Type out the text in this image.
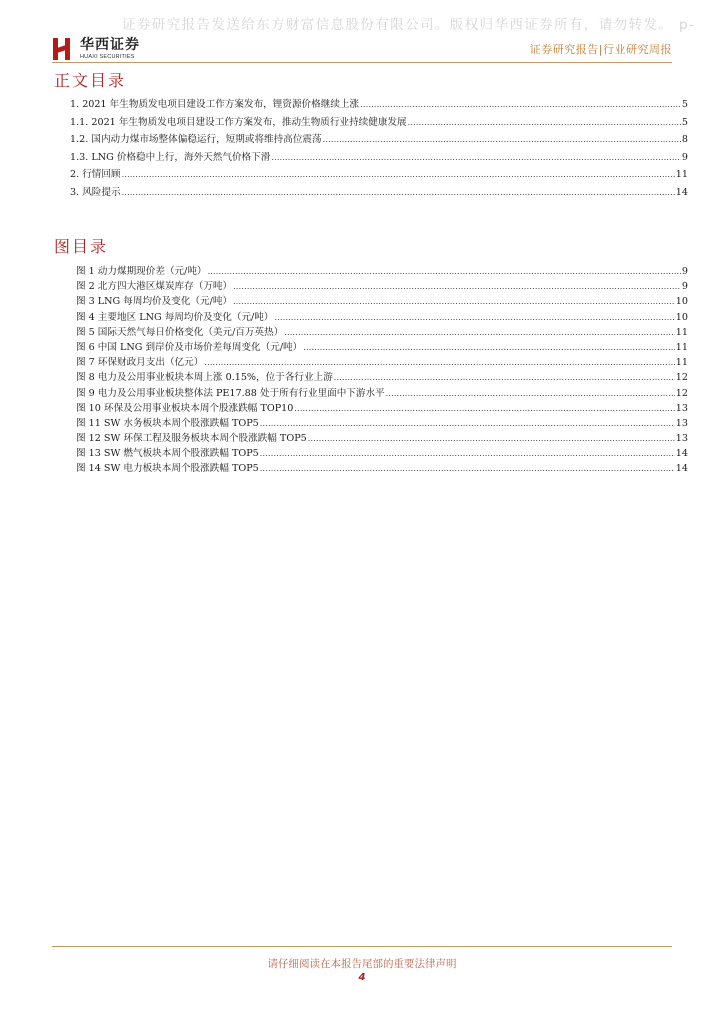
证券研究报告发送给东方财富信息股份有限公司。版权归华西证券所有，请勿转发。 p-
华西证券
HUAXI SECURITIES
证券研究报告|行业研究周报
正文目录
1. 2021 年生物质发电项目建设工作方案发布，锂资源价格继续上涨 .....	5
1.1. 2021 年生物质发电项目建设工作方案发布，推动生物质行业持续健康发展 .....	5
1.2. 国内动力煤市场整体偏稳运行，短期或将维持高位震荡 .....	8
1.3. LNG 价格稳中上行，海外天然气价格下滑 .....	9
2. 行情回顾 .....	11
3. 风险提示 .....	14
图目录
图 1 动力煤期现价差（元/吨） .....	9
图 2 北方四大港区煤炭库存（万吨） .....	9
图 3 LNG 每周均价及变化（元/吨） .....	10
图 4 主要地区 LNG 每周均价及变化（元/吨） .....	10
图 5 国际天然气每日价格变化（美元/百万英热） .....	11
图 6 中国 LNG 到岸价及市场价差每周变化（元/吨） .....	11
图 7 环保财政月支出（亿元） .....	11
图 8 电力及公用事业板块本周上涨 0.15%，位于各行业上游 .....	12
图 9 电力及公用事业板块整体法 PE17.88 处于所有行业里面中下游水平 .....	12
图 10 环保及公用事业板块本周个股涨跌幅 TOP10 .....	13
图 11 SW 水务板块本周个股涨跌幅 TOP5 .....	13
图 12 SW 环保工程及服务板块本周个股涨跌幅 TOP5 .....	13
图 13 SW 燃气板块本周个股涨跌幅 TOP5 .....	14
图 14 SW 电力板块本周个股涨跌幅 TOP5 .....	14
请仔细阅读在本报告尾部的重要法律声明
4
